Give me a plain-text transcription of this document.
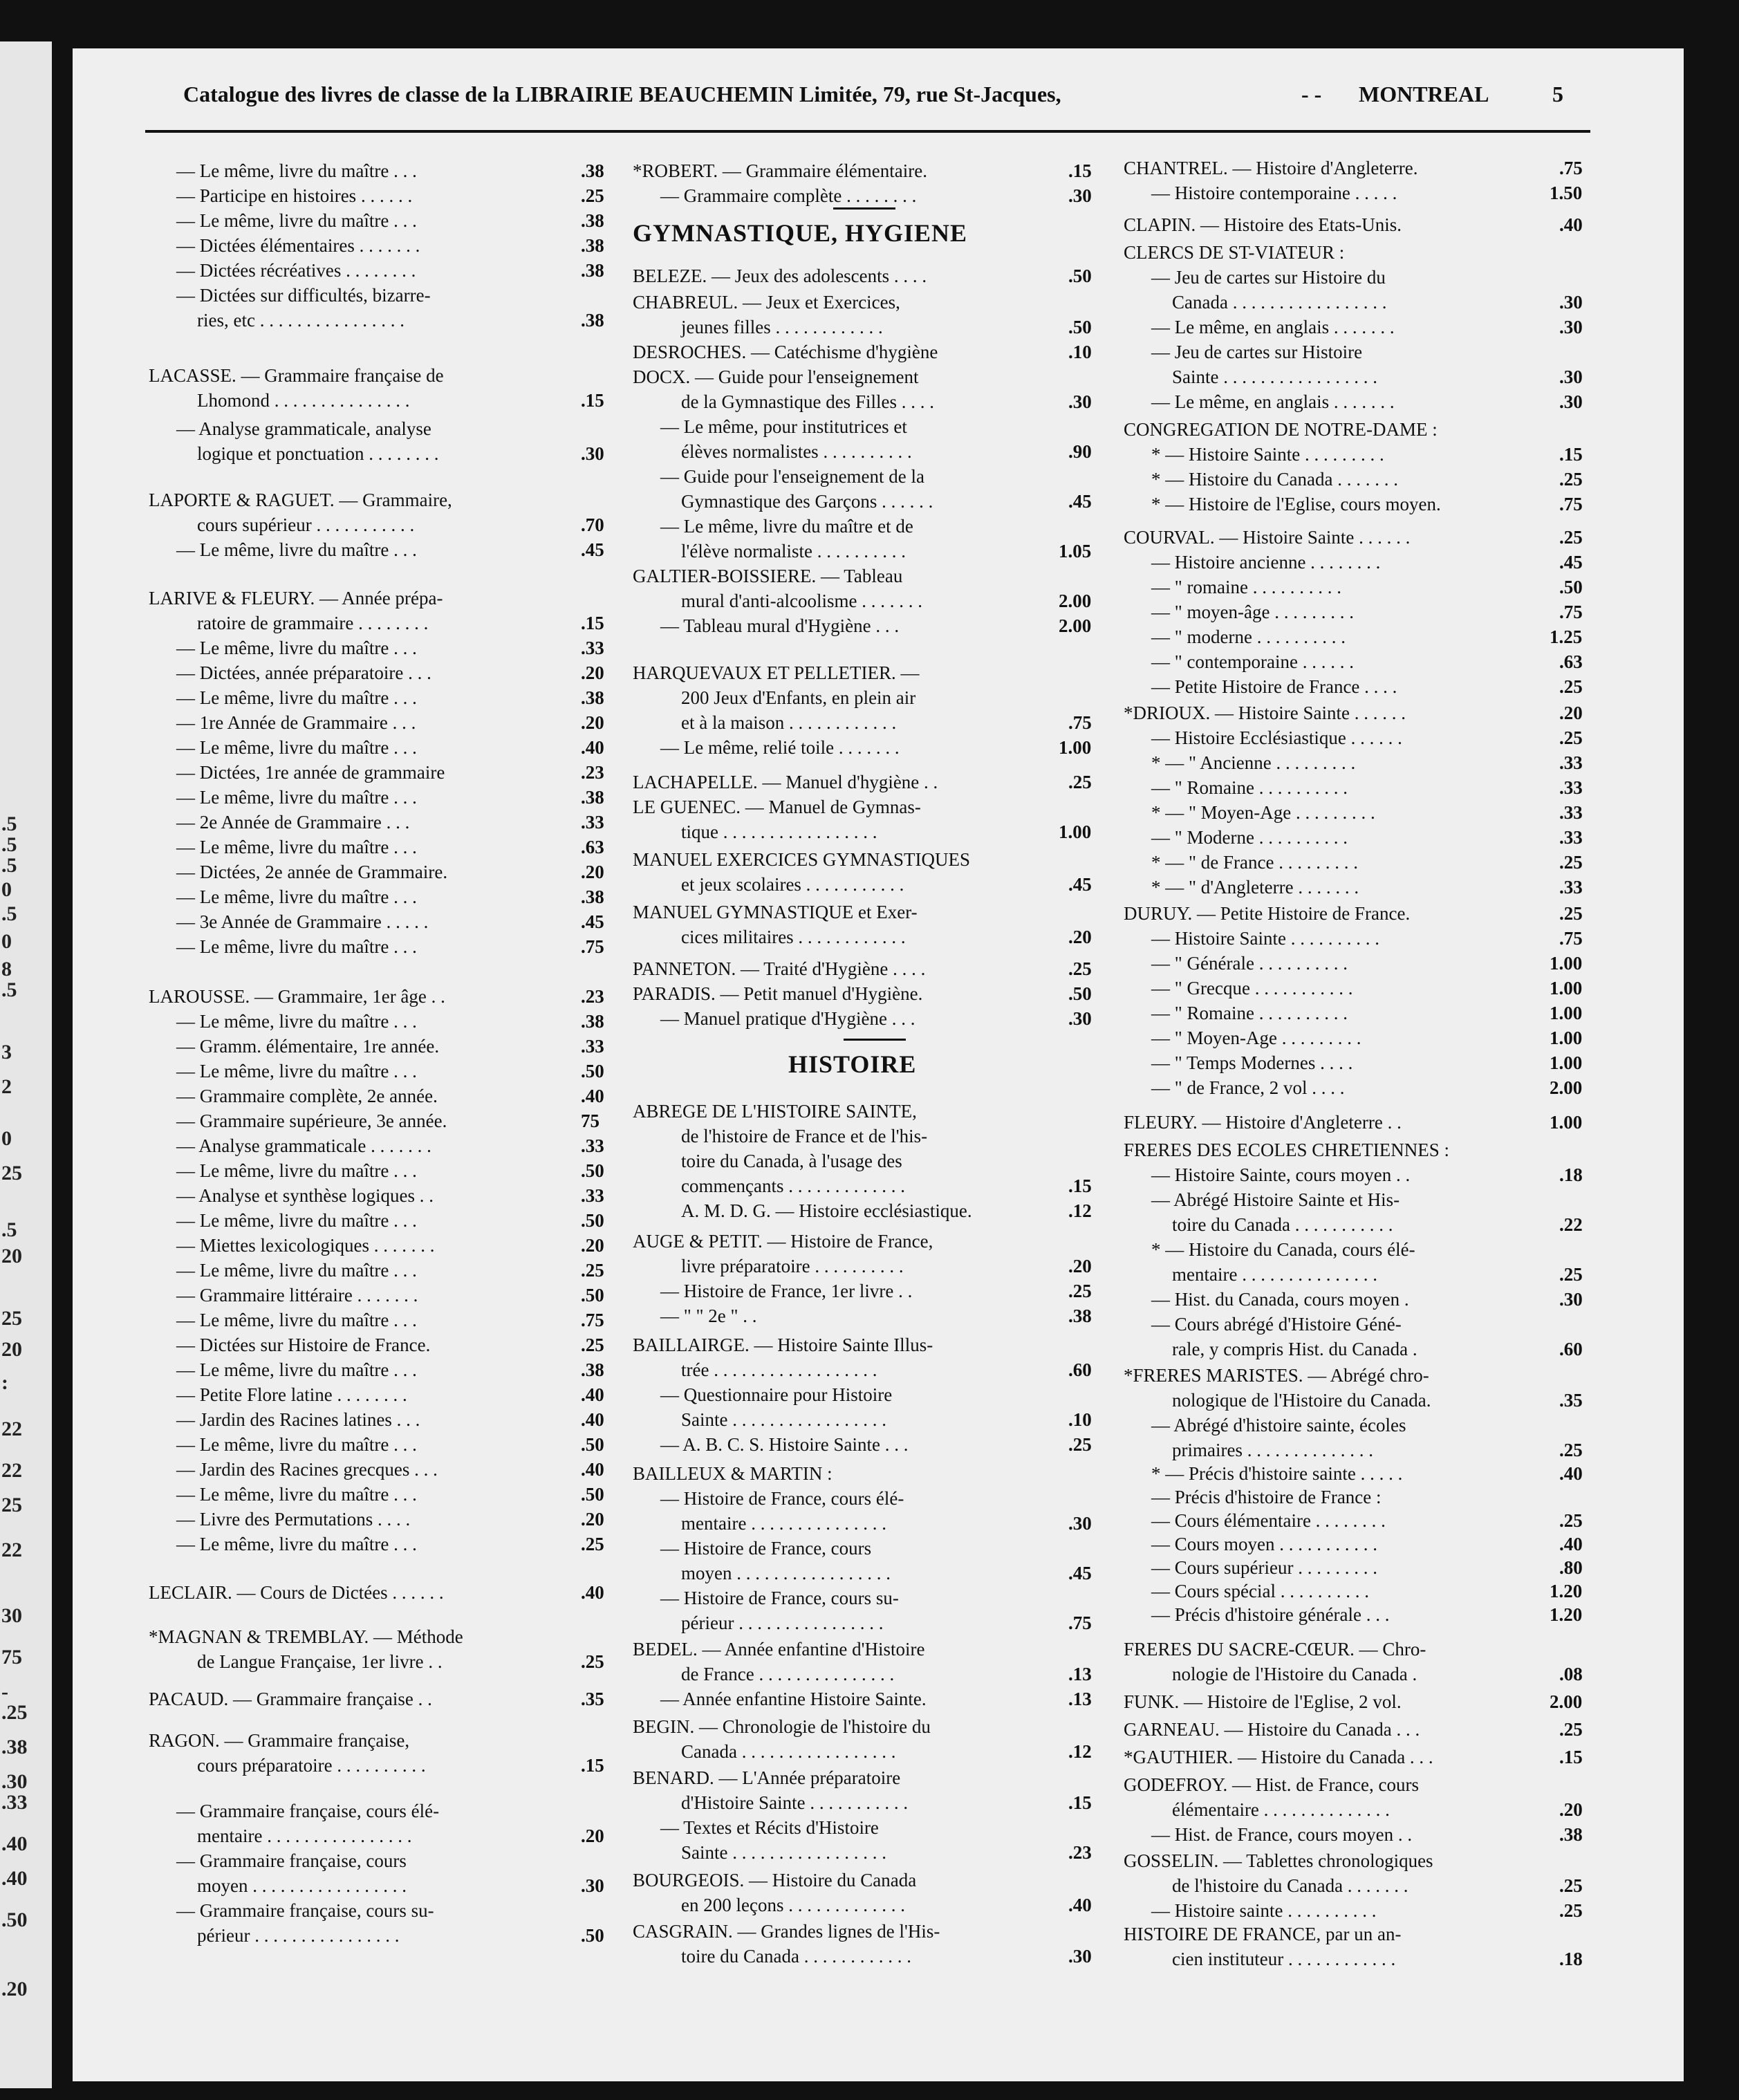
.5
.5
.5
0
.5
0
8
.5
3
2
0
25
.5
20
25
20
:
22
22
25
22
30
75
-
.25
.38
.30
.33
.40
.40
.50
.20
Catalogue des livres de classe de la LIBRAIRIE BEAUCHEMIN Limitée, 79, rue St-Jacques,	- - MONTREAL	5
— Le même, livre du maître . . .	.38
— Participe en histoires . . . . . .	.25
— Le même, livre du maître . . .	.38
— Dictées élémentaires . . . . . . .	.38
— Dictées récréatives . . . . . . . .	.38
— Dictées sur difficultés, bizarre-
ries, etc . . . . . . . . . . . . . . . .	.38
LACASSE. — Grammaire française de
Lhomond . . . . . . . . . . . . . . .	.15
— Analyse grammaticale, analyse
logique et ponctuation . . . . . . . .	.30
LAPORTE & RAGUET. — Grammaire,
cours supérieur . . . . . . . . . . .	.70
— Le même, livre du maître . . .	.45
LARIVE & FLEURY. — Année prépa-
ratoire de grammaire . . . . . . . .	.15
— Le même, livre du maître . . .	.33
— Dictées, année préparatoire . . .	.20
— Le même, livre du maître . . .	.38
— 1re Année de Grammaire . . .	.20
— Le même, livre du maître . . .	.40
— Dictées, 1re année de grammaire	.23
— Le même, livre du maître . . .	.38
— 2e Année de Grammaire . . .	.33
— Le même, livre du maître . . .	.63
— Dictées, 2e année de Grammaire.	.20
— Le même, livre du maître . . .	.38
— 3e Année de Grammaire . . . . .	.45
— Le même, livre du maître . . .	.75
LAROUSSE. — Grammaire, 1er âge . .	.23
— Le même, livre du maître . . .	.38
— Gramm. élémentaire, 1re année.	.33
— Le même, livre du maître . . .	.50
— Grammaire complète, 2e année.	.40
— Grammaire supérieure, 3e année.	75
— Analyse grammaticale . . . . . . .	.33
— Le même, livre du maître . . .	.50
— Analyse et synthèse logiques . .	.33
— Le même, livre du maître . . .	.50
— Miettes lexicologiques . . . . . . .	.20
— Le même, livre du maître . . .	.25
— Grammaire littéraire . . . . . . .	.50
— Le même, livre du maître . . .	.75
— Dictées sur Histoire de France.	.25
— Le même, livre du maître . . .	.38
— Petite Flore latine . . . . . . . .	.40
— Jardin des Racines latines . . .	.40
— Le même, livre du maître . . .	.50
— Jardin des Racines grecques . . .	.40
— Le même, livre du maître . . .	.50
— Livre des Permutations . . . .	.20
— Le même, livre du maître . . .	.25
LECLAIR. — Cours de Dictées . . . . . .	.40
*MAGNAN & TREMBLAY. — Méthode
de Langue Française, 1er livre . .	.25
PACAUD. — Grammaire française . .	.35
RAGON. — Grammaire française,
cours préparatoire . . . . . . . . . .	.15
— Grammaire française, cours élé-
mentaire . . . . . . . . . . . . . . . .	.20
— Grammaire française, cours
moyen . . . . . . . . . . . . . . . . .	.30
— Grammaire française, cours su-
périeur . . . . . . . . . . . . . . . .	.50
*ROBERT. — Grammaire élémentaire.	.15
— Grammaire complète . . . . . . . .	.30
GYMNASTIQUE, HYGIENE
BELEZE. — Jeux des adolescents . . . .	.50
CHABREUL. — Jeux et Exercices,
jeunes filles . . . . . . . . . . . .	.50
DESROCHES. — Catéchisme d'hygiène	.10
DOCX. — Guide pour l'enseignement
de la Gymnastique des Filles . . . .	.30
— Le même, pour institutrices et
élèves normalistes . . . . . . . . . .	.90
— Guide pour l'enseignement de la
Gymnastique des Garçons . . . . . .	.45
— Le même, livre du maître et de
l'élève normaliste . . . . . . . . . .	1.05
GALTIER-BOISSIERE. — Tableau
mural d'anti-alcoolisme . . . . . . .	2.00
— Tableau mural d'Hygiène . . .	2.00
HARQUEVAUX ET PELLETIER. —
200 Jeux d'Enfants, en plein air
et à la maison . . . . . . . . . . . .	.75
— Le même, relié toile . . . . . . .	1.00
LACHAPELLE. — Manuel d'hygiène . .	.25
LE GUENEC. — Manuel de Gymnas-
tique . . . . . . . . . . . . . . . . .	1.00
MANUEL EXERCICES GYMNASTIQUES
et jeux scolaires . . . . . . . . . . .	.45
MANUEL GYMNASTIQUE et Exer-
cices militaires . . . . . . . . . . . .	.20
PANNETON. — Traité d'Hygiène . . . .	.25
PARADIS. — Petit manuel d'Hygiène.	.50
— Manuel pratique d'Hygiène . . .	.30
HISTOIRE
ABREGE DE L'HISTOIRE SAINTE,
de l'histoire de France et de l'his-
toire du Canada, à l'usage des
commençants . . . . . . . . . . . . .	.15
A. M. D. G. — Histoire ecclésiastique.	.12
AUGE & PETIT. — Histoire de France,
livre préparatoire . . . . . . . . . .	.20
— Histoire de France, 1er livre . .	.25
— " " 2e " . .	.38
BAILLAIRGE. — Histoire Sainte Illus-
trée . . . . . . . . . . . . . . . . . .	.60
— Questionnaire pour Histoire
Sainte . . . . . . . . . . . . . . . . .	.10
— A. B. C. S. Histoire Sainte . . .	.25
BAILLEUX & MARTIN :
— Histoire de France, cours élé-
mentaire . . . . . . . . . . . . . . .	.30
— Histoire de France, cours
moyen . . . . . . . . . . . . . . . . .	.45
— Histoire de France, cours su-
périeur . . . . . . . . . . . . . . . .	.75
BEDEL. — Année enfantine d'Histoire
de France . . . . . . . . . . . . . . .	.13
— Année enfantine Histoire Sainte.	.13
BEGIN. — Chronologie de l'histoire du
Canada . . . . . . . . . . . . . . . . .	.12
BENARD. — L'Année préparatoire
d'Histoire Sainte . . . . . . . . . . .	.15
— Textes et Récits d'Histoire
Sainte . . . . . . . . . . . . . . . . .	.23
BOURGEOIS. — Histoire du Canada
en 200 leçons . . . . . . . . . . . . .	.40
CASGRAIN. — Grandes lignes de l'His-
toire du Canada . . . . . . . . . . . .	.30
CHANTREL. — Histoire d'Angleterre.	.75
— Histoire contemporaine . . . . .	1.50
CLAPIN. — Histoire des Etats-Unis.	.40
CLERCS DE ST-VIATEUR :
— Jeu de cartes sur Histoire du
Canada . . . . . . . . . . . . . . . . .	.30
— Le même, en anglais . . . . . . .	.30
— Jeu de cartes sur Histoire
Sainte . . . . . . . . . . . . . . . . .	.30
— Le même, en anglais . . . . . . .	.30
CONGREGATION DE NOTRE-DAME :
* — Histoire Sainte . . . . . . . . .	.15
* — Histoire du Canada . . . . . . .	.25
* — Histoire de l'Eglise, cours moyen.	.75
COURVAL. — Histoire Sainte . . . . . .	.25
— Histoire ancienne . . . . . . . .	.45
— " romaine . . . . . . . . . .	.50
— " moyen-âge . . . . . . . . .	.75
— " moderne . . . . . . . . . .	1.25
— " contemporaine . . . . . .	.63
— Petite Histoire de France . . . .	.25
*DRIOUX. — Histoire Sainte . . . . . .	.20
— Histoire Ecclésiastique . . . . . .	.25
* — " Ancienne . . . . . . . . .	.33
— " Romaine . . . . . . . . . .	.33
* — " Moyen-Age . . . . . . . . .	.33
— " Moderne . . . . . . . . . .	.33
* — " de France . . . . . . . . .	.25
* — " d'Angleterre . . . . . . .	.33
DURUY. — Petite Histoire de France.	.25
— Histoire Sainte . . . . . . . . . .	.75
— " Générale . . . . . . . . . .	1.00
— " Grecque . . . . . . . . . . .	1.00
— " Romaine . . . . . . . . . .	1.00
— " Moyen-Age . . . . . . . . .	1.00
— " Temps Modernes . . . .	1.00
— " de France, 2 vol . . . .	2.00
FLEURY. — Histoire d'Angleterre . .	1.00
FRERES DES ECOLES CHRETIENNES :
— Histoire Sainte, cours moyen . .	.18
— Abrégé Histoire Sainte et His-
toire du Canada . . . . . . . . . . .	.22
* — Histoire du Canada, cours élé-
mentaire . . . . . . . . . . . . . . .	.25
— Hist. du Canada, cours moyen .	.30
— Cours abrégé d'Histoire Géné-
rale, y compris Hist. du Canada .	.60
*FRERES MARISTES. — Abrégé chro-
nologique de l'Histoire du Canada.	.35
— Abrégé d'histoire sainte, écoles
primaires . . . . . . . . . . . . . .	.25
* — Précis d'histoire sainte . . . . .	.40
— Précis d'histoire de France :
— Cours élémentaire . . . . . . . .	.25
— Cours moyen . . . . . . . . . . .	.40
— Cours supérieur . . . . . . . . .	.80
— Cours spécial . . . . . . . . . .	1.20
— Précis d'histoire générale . . .	1.20
FRERES DU SACRE-CŒUR. — Chro-
nologie de l'Histoire du Canada .	.08
FUNK. — Histoire de l'Eglise, 2 vol.	2.00
GARNEAU. — Histoire du Canada . . .	.25
*GAUTHIER. — Histoire du Canada . . .	.15
GODEFROY. — Hist. de France, cours
élémentaire . . . . . . . . . . . . . .	.20
— Hist. de France, cours moyen . .	.38
GOSSELIN. — Tablettes chronologiques
de l'histoire du Canada . . . . . . .	.25
— Histoire sainte . . . . . . . . . .	.25
HISTOIRE DE FRANCE, par un an-
cien instituteur . . . . . . . . . . . .	.18
